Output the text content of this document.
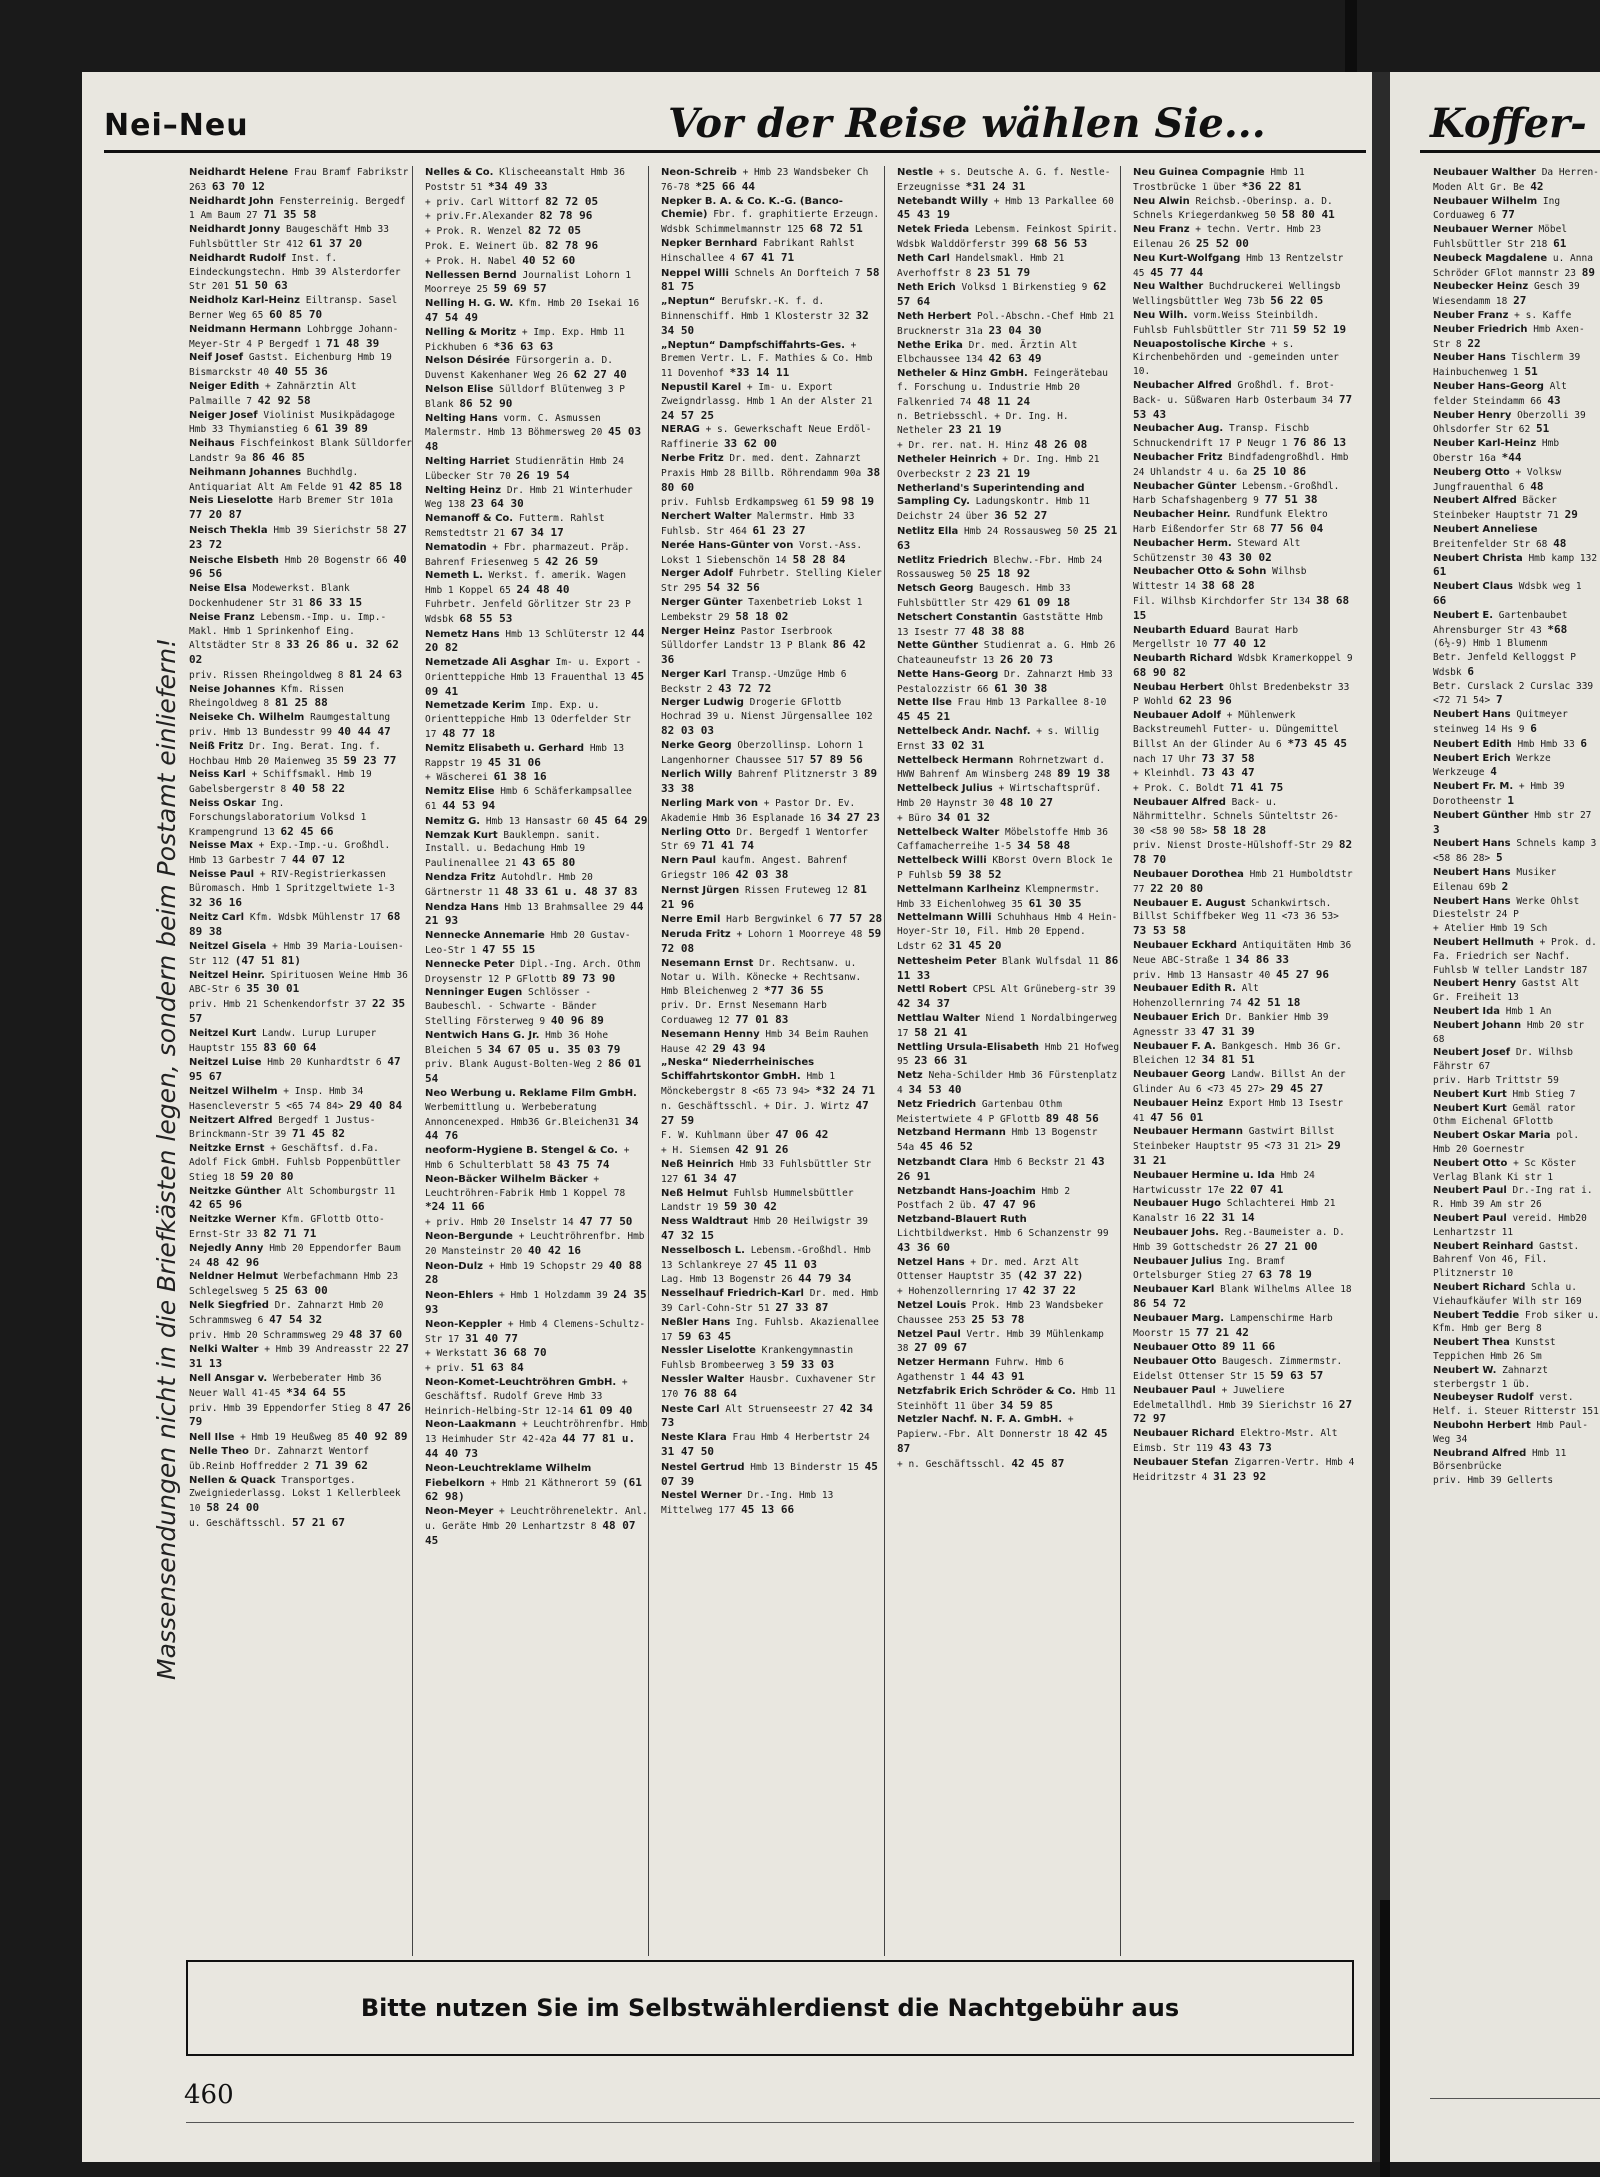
Nei–Neu	Vor der Reise wählen Sie...	Koffer-
Massensendungen nicht in die Briefkästen legen, sondern beim Postamt einliefern!
Neidhardt Helene Frau Bramf Fabrikstr 263 63 70 12
Neidhardt John Fensterreinig. Bergedf 1 Am Baum 27 71 35 58
Neidhardt Jonny Baugeschäft Hmb 33 Fuhlsbüttler Str 412 61 37 20
Neidhardt Rudolf Inst. f. Eindeckungstechn. Hmb 39 Alsterdorfer Str 201 51 50 63
Neidholz Karl-Heinz Eiltransp. Sasel Berner Weg 65 60 85 70
Neidmann Hermann Lohbrgge Johann-Meyer-Str 4 P Bergedf 1 71 48 39
Neif Josef Gastst. Eichenburg Hmb 19 Bismarckstr 40 40 55 36
Neiger Edith + Zahnärztin Alt Palmaille 7 42 92 58
Neiger Josef Violinist Musikpädagoge Hmb 33 Thymianstieg 6 61 39 89
Neihaus Fischfeinkost Blank Sülldorfer Landstr 9a 86 46 85
Neihmann Johannes Buchhdlg. Antiquariat Alt Am Felde 91 42 85 18
Neis Lieselotte Harb Bremer Str 101a 77 20 87
Neisch Thekla Hmb 39 Sierichstr 58 27 23 72
Neische Elsbeth Hmb 20 Bogenstr 66 40 96 56
Neise Elsa Modewerkst. Blank Dockenhudener Str 31 86 33 15
Neise Franz Lebensm.-Imp. u. Imp.-Makl. Hmb 1 Sprinkenhof Eing. Altstädter Str 8 33 26 86 u. 32 62 02
priv. Rissen Rheingoldweg 8 81 24 63
Neise Johannes Kfm. Rissen Rheingoldweg 8 81 25 88
Neiseke Ch. Wilhelm Raumgestaltung priv. Hmb 13 Bundesstr 99 40 44 47
Neiß Fritz Dr. Ing. Berat. Ing. f. Hochbau Hmb 20 Maienweg 35 59 23 77
Neiss Karl + Schiffsmakl. Hmb 19 Gabelsbergerstr 8 40 58 22
Neiss Oskar Ing. Forschungslaboratorium Volksd 1 Krampengrund 13 62 45 66
Neisse Max + Exp.-Imp.-u. Großhdl. Hmb 13 Garbestr 7 44 07 12
Neisse Paul + RIV-Registrierkassen Büromasch. Hmb 1 Spritzgeltwiete 1-3 32 36 16
Neitz Carl Kfm. Wdsbk Mühlenstr 17 68 89 38
Neitzel Gisela + Hmb 39 Maria-Louisen-Str 112 (47 51 81)
Neitzel Heinr. Spirituosen Weine Hmb 36 ABC-Str 6 35 30 01
priv. Hmb 21 Schenkendorfstr 37 22 35 57
Neitzel Kurt Landw. Lurup Luruper Hauptstr 155 83 60 64
Neitzel Luise Hmb 20 Kunhardtstr 6 47 95 67
Neitzel Wilhelm + Insp. Hmb 34 Hasencleverstr 5 <65 74 84> 29 40 84
Neitzert Alfred Bergedf 1 Justus-Brinckmann-Str 39 71 45 82
Neitzke Ernst + Geschäftsf. d.Fa. Adolf Fick GmbH. Fuhlsb Poppenbüttler Stieg 18 59 20 80
Neitzke Günther Alt Schomburgstr 11 42 65 96
Neitzke Werner Kfm. GFlottb Otto-Ernst-Str 33 82 71 71
Nejedly Anny Hmb 20 Eppendorfer Baum 24 48 42 96
Neldner Helmut Werbefachmann Hmb 23 Schlegelsweg 5 25 63 00
Nelk Siegfried Dr. Zahnarzt Hmb 20 Schrammsweg 6 47 54 32
priv. Hmb 20 Schrammsweg 29 48 37 60
Nelki Walter + Hmb 39 Andreasstr 22 27 31 13
Nell Ansgar v. Werbeberater Hmb 36 Neuer Wall 41-45 *34 64 55
priv. Hmb 39 Eppendorfer Stieg 8 47 26 79
Nell Ilse + Hmb 19 Heußweg 85 40 92 89
Nelle Theo Dr. Zahnarzt Wentorf üb.Reinb Hoffredder 2 71 39 62
Nellen & Quack Transportges. Zweigniederlassg. Lokst 1 Kellerbleek 10 58 24 00
u. Geschäftsschl. 57 21 67
Nelles & Co. Klischeeanstalt Hmb 36 Poststr 51 *34 49 33
+ priv. Carl Wittorf 82 72 05
+ priv.Fr.Alexander 82 78 96
+ Prok. R. Wenzel 82 72 05
Prok. E. Weinert üb. 82 78 96
+ Prok. H. Nabel 40 52 60
Nellessen Bernd Journalist Lohorn 1 Moorreye 25 59 69 57
Nelling H. G. W. Kfm. Hmb 20 Isekai 16 47 54 49
Nelling & Moritz + Imp. Exp. Hmb 11 Pickhuben 6 *36 63 63
Nelson Désirée Fürsorgerin a. D. Duvenst Kakenhaner Weg 26 62 27 40
Nelson Elise Sülldorf Blütenweg 3 P Blank 86 52 90
Nelting Hans vorm. C. Asmussen Malermstr. Hmb 13 Böhmersweg 20 45 03 48
Nelting Harriet Studienrätin Hmb 24 Lübecker Str 70 26 19 54
Nelting Heinz Dr. Hmb 21 Winterhuder Weg 138 23 64 30
Nemanoff & Co. Futterm. Rahlst Remstedtstr 21 67 34 17
Nematodin + Fbr. pharmazeut. Präp. Bahrenf Friesenweg 5 42 26 59
Nemeth L. Werkst. f. amerik. Wagen Hmb 1 Koppel 65 24 48 40
Fuhrbetr. Jenfeld Görlitzer Str 23 P Wdsbk 68 55 53
Nemetz Hans Hmb 13 Schlüterstr 12 44 20 82
Nemetzade Ali Asghar Im- u. Export - Orientteppiche Hmb 13 Frauenthal 13 45 09 41
Nemetzade Kerim Imp. Exp. u. Orientteppiche Hmb 13 Oderfelder Str 17 48 77 18
Nemitz Elisabeth u. Gerhard Hmb 13 Rappstr 19 45 31 06
+ Wäscherei 61 38 16
Nemitz Elise Hmb 6 Schäferkampsallee 61 44 53 94
Nemitz G. Hmb 13 Hansastr 60 45 64 29
Nemzak Kurt Bauklempn. sanit. Install. u. Bedachung Hmb 19 Paulinenallee 21 43 65 80
Nendza Fritz Autohdlr. Hmb 20 Gärtnerstr 11 48 33 61 u. 48 37 83
Nendza Hans Hmb 13 Brahmsallee 29 44 21 93
Nennecke Annemarie Hmb 20 Gustav-Leo-Str 1 47 55 15
Nennecke Peter Dipl.-Ing. Arch. Othm Droysenstr 12 P GFlottb 89 73 90
Nenninger Eugen Schlösser - Baubeschl. - Schwarte - Bänder Stelling Försterweg 9 40 96 89
Nentwich Hans G. Jr. Hmb 36 Hohe Bleichen 5 34 67 05 u. 35 03 79
priv. Blank August-Bolten-Weg 2 86 01 54
Neo Werbung u. Reklame Film GmbH. Werbemittlung u. Werbeberatung Annoncenexped. Hmb36 Gr.Bleichen31 34 44 76
neoform-Hygiene B. Stengel & Co. + Hmb 6 Schulterblatt 58 43 75 74
Neon-Bäcker Wilhelm Bäcker + Leuchtröhren-Fabrik Hmb 1 Koppel 78 *24 11 66
+ priv. Hmb 20 Inselstr 14 47 77 50
Neon-Bergunde + Leuchtröhrenfbr. Hmb 20 Mansteinstr 20 40 42 16
Neon-Dulz + Hmb 19 Schopstr 29 40 88 28
Neon-Ehlers + Hmb 1 Holzdamm 39 24 35 93
Neon-Keppler + Hmb 4 Clemens-Schultz-Str 17 31 40 77
+ Werkstatt 36 68 70
+ priv. 51 63 84
Neon-Komet-Leuchtröhren GmbH. + Geschäftsf. Rudolf Greve Hmb 33 Heinrich-Helbing-Str 12-14 61 09 40
Neon-Laakmann + Leuchtröhrenfbr. Hmb 13 Heimhuder Str 42-42a 44 77 81 u. 44 40 73
Neon-Leuchtreklame Wilhelm Fiebelkorn + Hmb 21 Käthnerort 59 (61 62 98)
Neon-Meyer + Leuchtröhrenelektr. Anl. u. Geräte Hmb 20 Lenhartzstr 8 48 07 45
Neon-Schreib + Hmb 23 Wandsbeker Ch 76-78 *25 66 44
Nepker B. A. & Co. K.-G. (Banco-Chemie) Fbr. f. graphitierte Erzeugn. Wdsbk Schimmelmannstr 125 68 72 51
Nepker Bernhard Fabrikant Rahlst Hinschallee 4 67 41 71
Neppel Willi Schnels An Dorfteich 7 58 81 75
„Neptun“ Berufskr.-K. f. d. Binnenschiff. Hmb 1 Klosterstr 32 32 34 50
„Neptun“ Dampfschiffahrts-Ges. + Bremen Vertr. L. F. Mathies & Co. Hmb 11 Dovenhof *33 14 11
Nepustil Karel + Im- u. Export Zweigndrlassg. Hmb 1 An der Alster 21 24 57 25
NERAG + s. Gewerkschaft Neue Erdöl-Raffinerie 33 62 00
Nerbe Fritz Dr. med. dent. Zahnarzt Praxis Hmb 28 Billb. Röhrendamm 90a 38 80 60
priv. Fuhlsb Erdkampsweg 61 59 98 19
Nerchert Walter Malermstr. Hmb 33 Fuhlsb. Str 464 61 23 27
Nerée Hans-Günter von Vorst.-Ass. Lokst 1 Siebenschön 14 58 28 84
Nerger Adolf Fuhrbetr. Stelling Kieler Str 295 54 32 56
Nerger Günter Taxenbetrieb Lokst 1 Lembekstr 29 58 18 02
Nerger Heinz Pastor Iserbrook Sülldorfer Landstr 13 P Blank 86 42 36
Nerger Karl Transp.-Umzüge Hmb 6 Beckstr 2 43 72 72
Nerger Ludwig Drogerie GFlottb Hochrad 39 u. Nienst Jürgensallee 102 82 03 03
Nerke Georg Oberzollinsp. Lohorn 1 Langenhorner Chaussee 517 57 89 56
Nerlich Willy Bahrenf Plitznerstr 3 89 33 38
Nerling Mark von + Pastor Dr. Ev. Akademie Hmb 36 Esplanade 16 34 27 23
Nerling Otto Dr. Bergedf 1 Wentorfer Str 69 71 41 74
Nern Paul kaufm. Angest. Bahrenf Griegstr 106 42 03 38
Nernst Jürgen Rissen Fruteweg 12 81 21 96
Nerre Emil Harb Bergwinkel 6 77 57 28
Neruda Fritz + Lohorn 1 Moorreye 48 59 72 08
Nesemann Ernst Dr. Rechtsanw. u. Notar u. Wilh. Könecke + Rechtsanw. Hmb Bleichenweg 2 *77 36 55
priv. Dr. Ernst Nesemann Harb Corduaweg 12 77 01 83
Nesemann Henny Hmb 34 Beim Rauhen Hause 42 29 43 94
„Neska“ Niederrheinisches Schiffahrtskontor GmbH. Hmb 1 Mönckebergstr 8 <65 73 94> *32 24 71
n. Geschäftsschl. + Dir. J. Wirtz 47 27 59
F. W. Kuhlmann über 47 06 42
+ H. Siemsen 42 91 26
Neß Heinrich Hmb 33 Fuhlsbüttler Str 127 61 34 47
Neß Helmut Fuhlsb Hummelsbüttler Landstr 19 59 30 42
Ness Waldtraut Hmb 20 Heilwigstr 39 47 32 15
Nesselbosch L. Lebensm.-Großhdl. Hmb 13 Schlankreye 27 45 11 03
Lag. Hmb 13 Bogenstr 26 44 79 34
Nesselhauf Friedrich-Karl Dr. med. Hmb 39 Carl-Cohn-Str 51 27 33 87
Neßler Hans Ing. Fuhlsb. Akazienallee 17 59 63 45
Nessler Liselotte Krankengymnastin Fuhlsb Brombeerweg 3 59 33 03
Nessler Walter Hausbr. Cuxhavener Str 170 76 88 64
Neste Carl Alt Struenseestr 27 42 34 73
Neste Klara Frau Hmb 4 Herbertstr 24 31 47 50
Nestel Gertrud Hmb 13 Binderstr 15 45 07 39
Nestel Werner Dr.-Ing. Hmb 13 Mittelweg 177 45 13 66
Nestle + s. Deutsche A. G. f. Nestle-Erzeugnisse *31 24 31
Netebandt Willy + Hmb 13 Parkallee 60 45 43 19
Netek Frieda Lebensm. Feinkost Spirit. Wdsbk Walddörferstr 399 68 56 53
Neth Carl Handelsmakl. Hmb 21 Averhoffstr 8 23 51 79
Neth Erich Volksd 1 Birkenstieg 9 62 57 64
Neth Herbert Pol.-Abschn.-Chef Hmb 21 Brucknerstr 31a 23 04 30
Nethe Erika Dr. med. Ärztin Alt Elbchaussee 134 42 63 49
Netheler & Hinz GmbH. Feingerätebau f. Forschung u. Industrie Hmb 20 Falkenried 74 48 11 24
n. Betriebsschl. + Dr. Ing. H. Netheler 23 21 19
+ Dr. rer. nat. H. Hinz 48 26 08
Netheler Heinrich + Dr. Ing. Hmb 21 Overbeckstr 2 23 21 19
Netherland's Superintending and Sampling Cy. Ladungskontr. Hmb 11 Deichstr 24 über 36 52 27
Netlitz Ella Hmb 24 Rossausweg 50 25 21 63
Netlitz Friedrich Blechw.-Fbr. Hmb 24 Rossausweg 50 25 18 92
Netsch Georg Baugesch. Hmb 33 Fuhlsbüttler Str 429 61 09 18
Netschert Constantin Gaststätte Hmb 13 Isestr 77 48 38 88
Nette Günther Studienrat a. G. Hmb 26 Chateauneufstr 13 26 20 73
Nette Hans-Georg Dr. Zahnarzt Hmb 33 Pestalozzistr 66 61 30 38
Nette Ilse Frau Hmb 13 Parkallee 8-10 45 45 21
Nettelbeck Andr. Nachf. + s. Willig Ernst 33 02 31
Nettelbeck Hermann Rohrnetzwart d. HWW Bahrenf Am Winsberg 248 89 19 38
Nettelbeck Julius + Wirtschaftsprüf. Hmb 20 Haynstr 30 48 10 27
+ Büro 34 01 32
Nettelbeck Walter Möbelstoffe Hmb 36 Caffamacherreihe 1-5 34 58 48
Nettelbeck Willi KBorst Overn Block 1e P Fuhlsb 59 38 52
Nettelmann Karlheinz Klempnermstr. Hmb 33 Eichenlohweg 35 61 30 35
Nettelmann Willi Schuhhaus Hmb 4 Hein-Hoyer-Str 10, Fil. Hmb 20 Eppend. Ldstr 62 31 45 20
Nettesheim Peter Blank Wulfsdal 11 86 11 33
Nettl Robert CPSL Alt Grüneberg-str 39 42 34 37
Nettlau Walter Niend 1 Nordalbingerweg 17 58 21 41
Nettling Ursula-Elisabeth Hmb 21 Hofweg 95 23 66 31
Netz Neha-Schilder Hmb 36 Fürstenplatz 4 34 53 40
Netz Friedrich Gartenbau Othm Meistertwiete 4 P GFlottb 89 48 56
Netzband Hermann Hmb 13 Bogenstr 54a 45 46 52
Netzbandt Clara Hmb 6 Beckstr 21 43 26 91
Netzbandt Hans-Joachim Hmb 2 Postfach 2 üb. 47 47 96
Netzband-Blauert Ruth Lichtbildwerkst. Hmb 6 Schanzenstr 99 43 36 60
Netzel Hans + Dr. med. Arzt Alt Ottenser Hauptstr 35 (42 37 22)
+ Hohenzollernring 17 42 37 22
Netzel Louis Prok. Hmb 23 Wandsbeker Chaussee 253 25 53 78
Netzel Paul Vertr. Hmb 39 Mühlenkamp 38 27 09 67
Netzer Hermann Fuhrw. Hmb 6 Agathenstr 1 44 43 91
Netzfabrik Erich Schröder & Co. Hmb 11 Steinhöft 11 über 34 59 85
Netzler Nachf. N. F. A. GmbH. + Papierw.-Fbr. Alt Donnerstr 18 42 45 87
+ n. Geschäftsschl. 42 45 87
Neu Guinea Compagnie Hmb 11 Trostbrücke 1 über *36 22 81
Neu Alwin Reichsb.-Oberinsp. a. D. Schnels Kriegerdankweg 50 58 80 41
Neu Franz + techn. Vertr. Hmb 23 Eilenau 26 25 52 00
Neu Kurt-Wolfgang Hmb 13 Rentzelstr 45 45 77 44
Neu Walther Buchdruckerei Wellingsb Wellingsbüttler Weg 73b 56 22 05
Neu Wilh. vorm.Weiss Steinbildh. Fuhlsb Fuhlsbüttler Str 711 59 52 19
Neuapostolische Kirche + s. Kirchenbehörden und -gemeinden unter 10.
Neubacher Alfred Großhdl. f. Brot- Back- u. Süßwaren Harb Osterbaum 34 77 53 43
Neubacher Aug. Transp. Fischb Schnuckendrift 17 P Neugr 1 76 86 13
Neubacher Fritz Bindfadengroßhdl. Hmb 24 Uhlandstr 4 u. 6a 25 10 86
Neubacher Günter Lebensm.-Großhdl. Harb Schafshagenberg 9 77 51 38
Neubacher Heinr. Rundfunk Elektro Harb Eißendorfer Str 68 77 56 04
Neubacher Herm. Steward Alt Schützenstr 30 43 30 02
Neubacher Otto & Sohn Wilhsb Wittestr 14 38 68 28
Fil. Wilhsb Kirchdorfer Str 134 38 68 15
Neubarth Eduard Baurat Harb Mergellstr 10 77 40 12
Neubarth Richard Wdsbk Kramerkoppel 9 68 90 82
Neubau Herbert Ohlst Bredenbekstr 33 P Wohld 62 23 96
Neubauer Adolf + Mühlenwerk Backstreumehl Futter- u. Düngemittel Billst An der Glinder Au 6 *73 45 45
nach 17 Uhr 73 37 58
+ Kleinhdl. 73 43 47
+ Prok. C. Boldt 71 41 75
Neubauer Alfred Back- u. Nährmittelhr. Schnels Sünteltstr 26- 30 <58 90 58> 58 18 28
priv. Nienst Droste-Hülshoff-Str 29 82 78 70
Neubauer Dorothea Hmb 21 Humboldtstr 77 22 20 80
Neubauer E. August Schankwirtsch. Billst Schiffbeker Weg 11 <73 36 53> 73 53 58
Neubauer Eckhard Antiquitäten Hmb 36 Neue ABC-Straße 1 34 86 33
priv. Hmb 13 Hansastr 40 45 27 96
Neubauer Edith R. Alt Hohenzollernring 74 42 51 18
Neubauer Erich Dr. Bankier Hmb 39 Agnesstr 33 47 31 39
Neubauer F. A. Bankgesch. Hmb 36 Gr. Bleichen 12 34 81 51
Neubauer Georg Landw. Billst An der Glinder Au 6 <73 45 27> 29 45 27
Neubauer Heinz Export Hmb 13 Isestr 41 47 56 01
Neubauer Hermann Gastwirt Billst Steinbeker Hauptstr 95 <73 31 21> 29 31 21
Neubauer Hermine u. Ida Hmb 24 Hartwicusstr 17e 22 07 41
Neubauer Hugo Schlachterei Hmb 21 Kanalstr 16 22 31 14
Neubauer Johs. Reg.-Baumeister a. D. Hmb 39 Gottschedstr 26 27 21 00
Neubauer Julius Ing. Bramf Ortelsburger Stieg 27 63 78 19
Neubauer Karl Blank Wilhelms Allee 18 86 54 72
Neubauer Marg. Lampenschirme Harb Moorstr 15 77 21 42
Neubauer Otto 89 11 66
Neubauer Otto Baugesch. Zimmermstr. Eidelst Ottenser Str 15 59 63 57
Neubauer Paul + Juweliere Edelmetallhdl. Hmb 39 Sierichstr 16 27 72 97
Neubauer Richard Elektro-Mstr. Alt Eimsb. Str 119 43 43 73
Neubauer Stefan Zigarren-Vertr. Hmb 4 Heidritzstr 4 31 23 92
Neubauer Walther Da Herren-Moden Alt Gr. Be 42
Neubauer Wilhelm Ing Corduaweg 6 77
Neubauer Werner Möbel Fuhlsbüttler Str 218 61
Neubeck Magdalene u. Anna Schröder GFlot mannstr 23 89
Neubecker Heinz Gesch 39 Wiesendamm 18 27
Neuber Franz + s. Kaffe
Neuber Friedrich Hmb Axen-Str 8 22
Neuber Hans Tischlerm 39 Hainbuchenweg 1 51
Neuber Hans-Georg Alt felder Steindamm 66 43
Neuber Henry Oberzolli 39 Ohlsdorfer Str 62 51
Neuber Karl-Heinz Hmb Oberstr 16a *44
Neuberg Otto + Volksw Jungfrauenthal 6 48
Neubert Alfred Bäcker Steinbeker Hauptstr 71 29
Neubert Anneliese Breitenfelder Str 68 48
Neubert Christa Hmb kamp 132 61
Neubert Claus Wdsbk weg 1 66
Neubert E. Gartenbaubet Ahrensburger Str 43 *68
(6½-9) Hmb 1 Blumenm
Betr. Jenfeld Kelloggst P Wdsbk 6
Betr. Curslack 2 Curslac 339 <72 71 54> 7
Neubert Hans Quitmeyer steinweg 14 Hs 9 6
Neubert Edith Hmb Hmb 33 6
Neubert Erich Werkze Werkzeuge 4
Neubert Fr. M. + Hmb 39 Dorotheenstr 1
Neubert Günther Hmb str 27 3
Neubert Hans Schnels kamp 3 <58 86 28> 5
Neubert Hans Musiker Eilenau 69b 2
Neubert Hans Werke Ohlst Diestelstr 24 P
+ Atelier Hmb 19 Sch
Neubert Hellmuth + Prok. d. Fa. Friedrich ser Nachf. Fuhlsb W teller Landstr 187
Neubert Henry Gastst Alt Gr. Freiheit 13
Neubert Ida Hmb 1 An
Neubert Johann Hmb 20 str 68
Neubert Josef Dr. Wilhsb Fährstr 67
priv. Harb Trittstr 59
Neubert Kurt Hmb Stieg 7
Neubert Kurt Gemäl rator Othm Eichenal GFlottb
Neubert Oskar Maria pol. Hmb 20 Goernestr
Neubert Otto + Sc Köster Verlag Blank Ki str 1
Neubert Paul Dr.-Ing rat i. R. Hmb 39 Am str 26
Neubert Paul vereid. Hmb20 Lenhartzstr 11
Neubert Reinhard Gastst. Bahrenf Von 46, Fil. Plitznerstr 10
Neubert Richard Schla u. Viehaufkäufer Wilh str 169
Neubert Teddie Frob siker u. Kfm. Hmb ger Berg 8
Neubert Thea Kunstst Teppichen Hmb 26 Sm
Neubert W. Zahnarzt sterbergstr 1 üb.
Neubeyser Rudolf verst. Helf. i. Steuer Ritterstr 151
Neubohn Herbert Hmb Paul-Weg 34
Neubrand Alfred Hmb 11 Börsenbrücke
priv. Hmb 39 Gellerts
Bitte nutzen Sie im Selbstwählerdienst die Nachtgebühr aus
460
